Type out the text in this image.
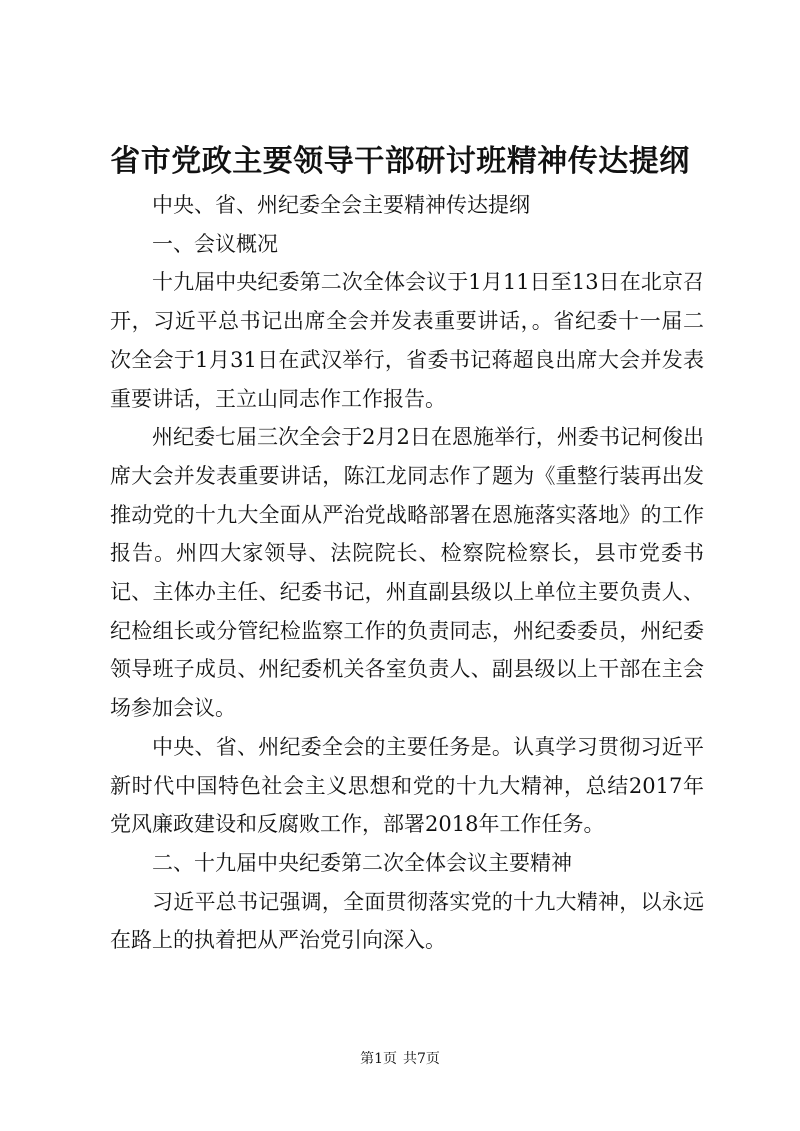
省市党政主要领导干部研讨班精神传达提纲

中央、省、州纪委全会主要精神传达提纲

一、会议概况

十九届中央纪委第二次全体会议于1月11日至13日在北京召开，习近平总书记出席全会并发表重要讲话，。省纪委十一届二次全会于1月31日在武汉举行，省委书记蒋超良出席大会并发表重要讲话，王立山同志作工作报告。

州纪委七届三次全会于2月2日在恩施举行，州委书记柯俊出席大会并发表重要讲话，陈江龙同志作了题为《重整行装再出发推动党的十九大全面从严治党战略部署在恩施落实落地》的工作报告。州四大家领导、法院院长、检察院检察长，县市党委书记、主体办主任、纪委书记，州直副县级以上单位主要负责人、纪检组长或分管纪检监察工作的负责同志，州纪委委员，州纪委领导班子成员、州纪委机关各室负责人、副县级以上干部在主会场参加会议。

中央、省、州纪委全会的主要任务是。认真学习贯彻习近平新时代中国特色社会主义思想和党的十九大精神，总结2017年党风廉政建设和反腐败工作，部署2018年工作任务。

二、十九届中央纪委第二次全体会议主要精神

习近平总书记强调，全面贯彻落实党的十九大精神，以永远在路上的执着把从严治党引向深入。

第1页 共7页
